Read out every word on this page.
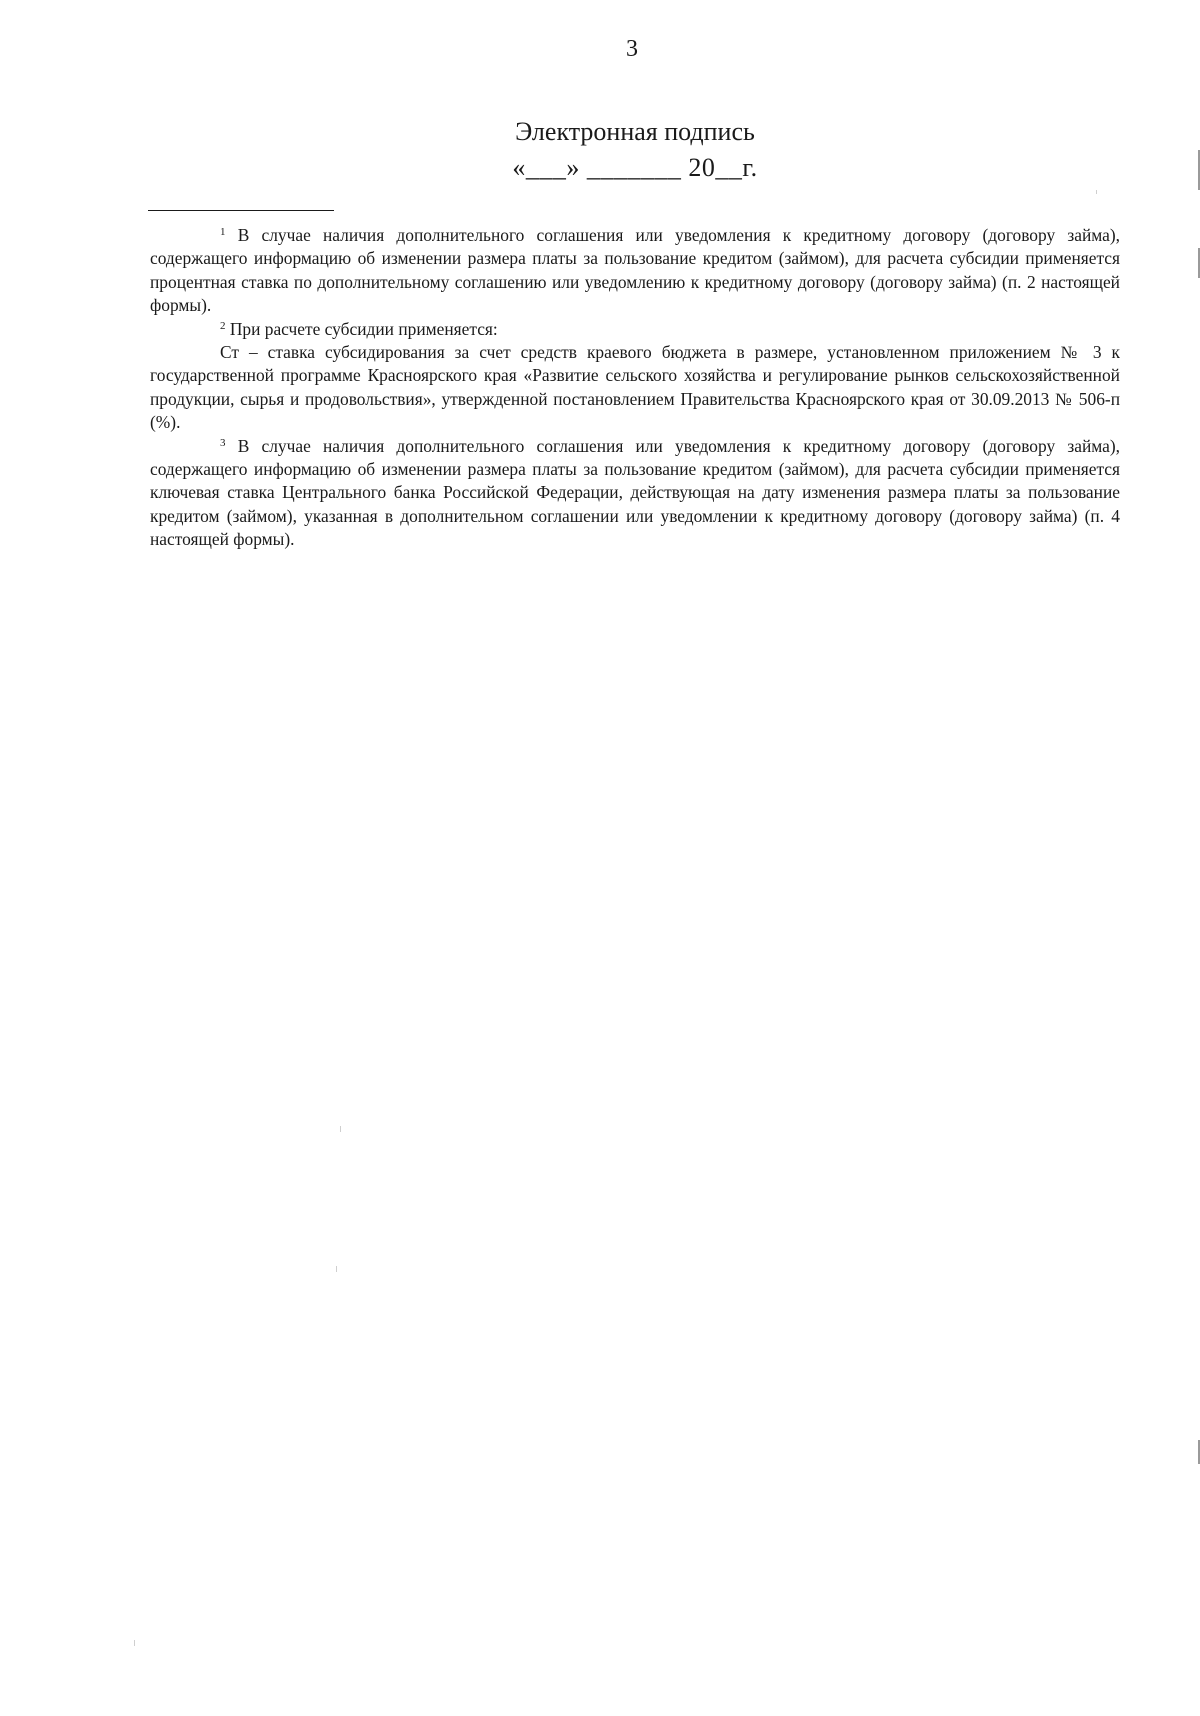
3
Электронная подпись
«___» _______ 20__г.

$^1$ В случае наличия дополнительного соглашения или уведомления к кредитному договору (договору займа), содержащего информацию об изменении размера платы за пользование кредитом (займом), для расчета субсидии применяется процентная ставка по дополнительному соглашению или уведомлению к кредитному договору (договору займа) (п. 2 настоящей формы).

$^2$ При расчете субсидии применяется:

Ст – ставка субсидирования за счет средств краевого бюджета в размере, установленном приложением № 3 к государственной программе Красноярского края «Развитие сельского хозяйства и регулирование рынков сельскохозяйственной продукции, сырья и продовольствия», утвержденной постановлением Правительства Красноярского края от 30.09.2013 № 506-п (%).

$^3$ В случае наличия дополнительного соглашения или уведомления к кредитному договору (договору займа), содержащего информацию об изменении размера платы за пользование кредитом (займом), для расчета субсидии применяется ключевая ставка Центрального банка Российской Федерации, действующая на дату изменения размера платы за пользование кредитом (займом), указанная в дополнительном соглашении или уведомлении к кредитному договору (договору займа) (п. 4 настоящей формы).
